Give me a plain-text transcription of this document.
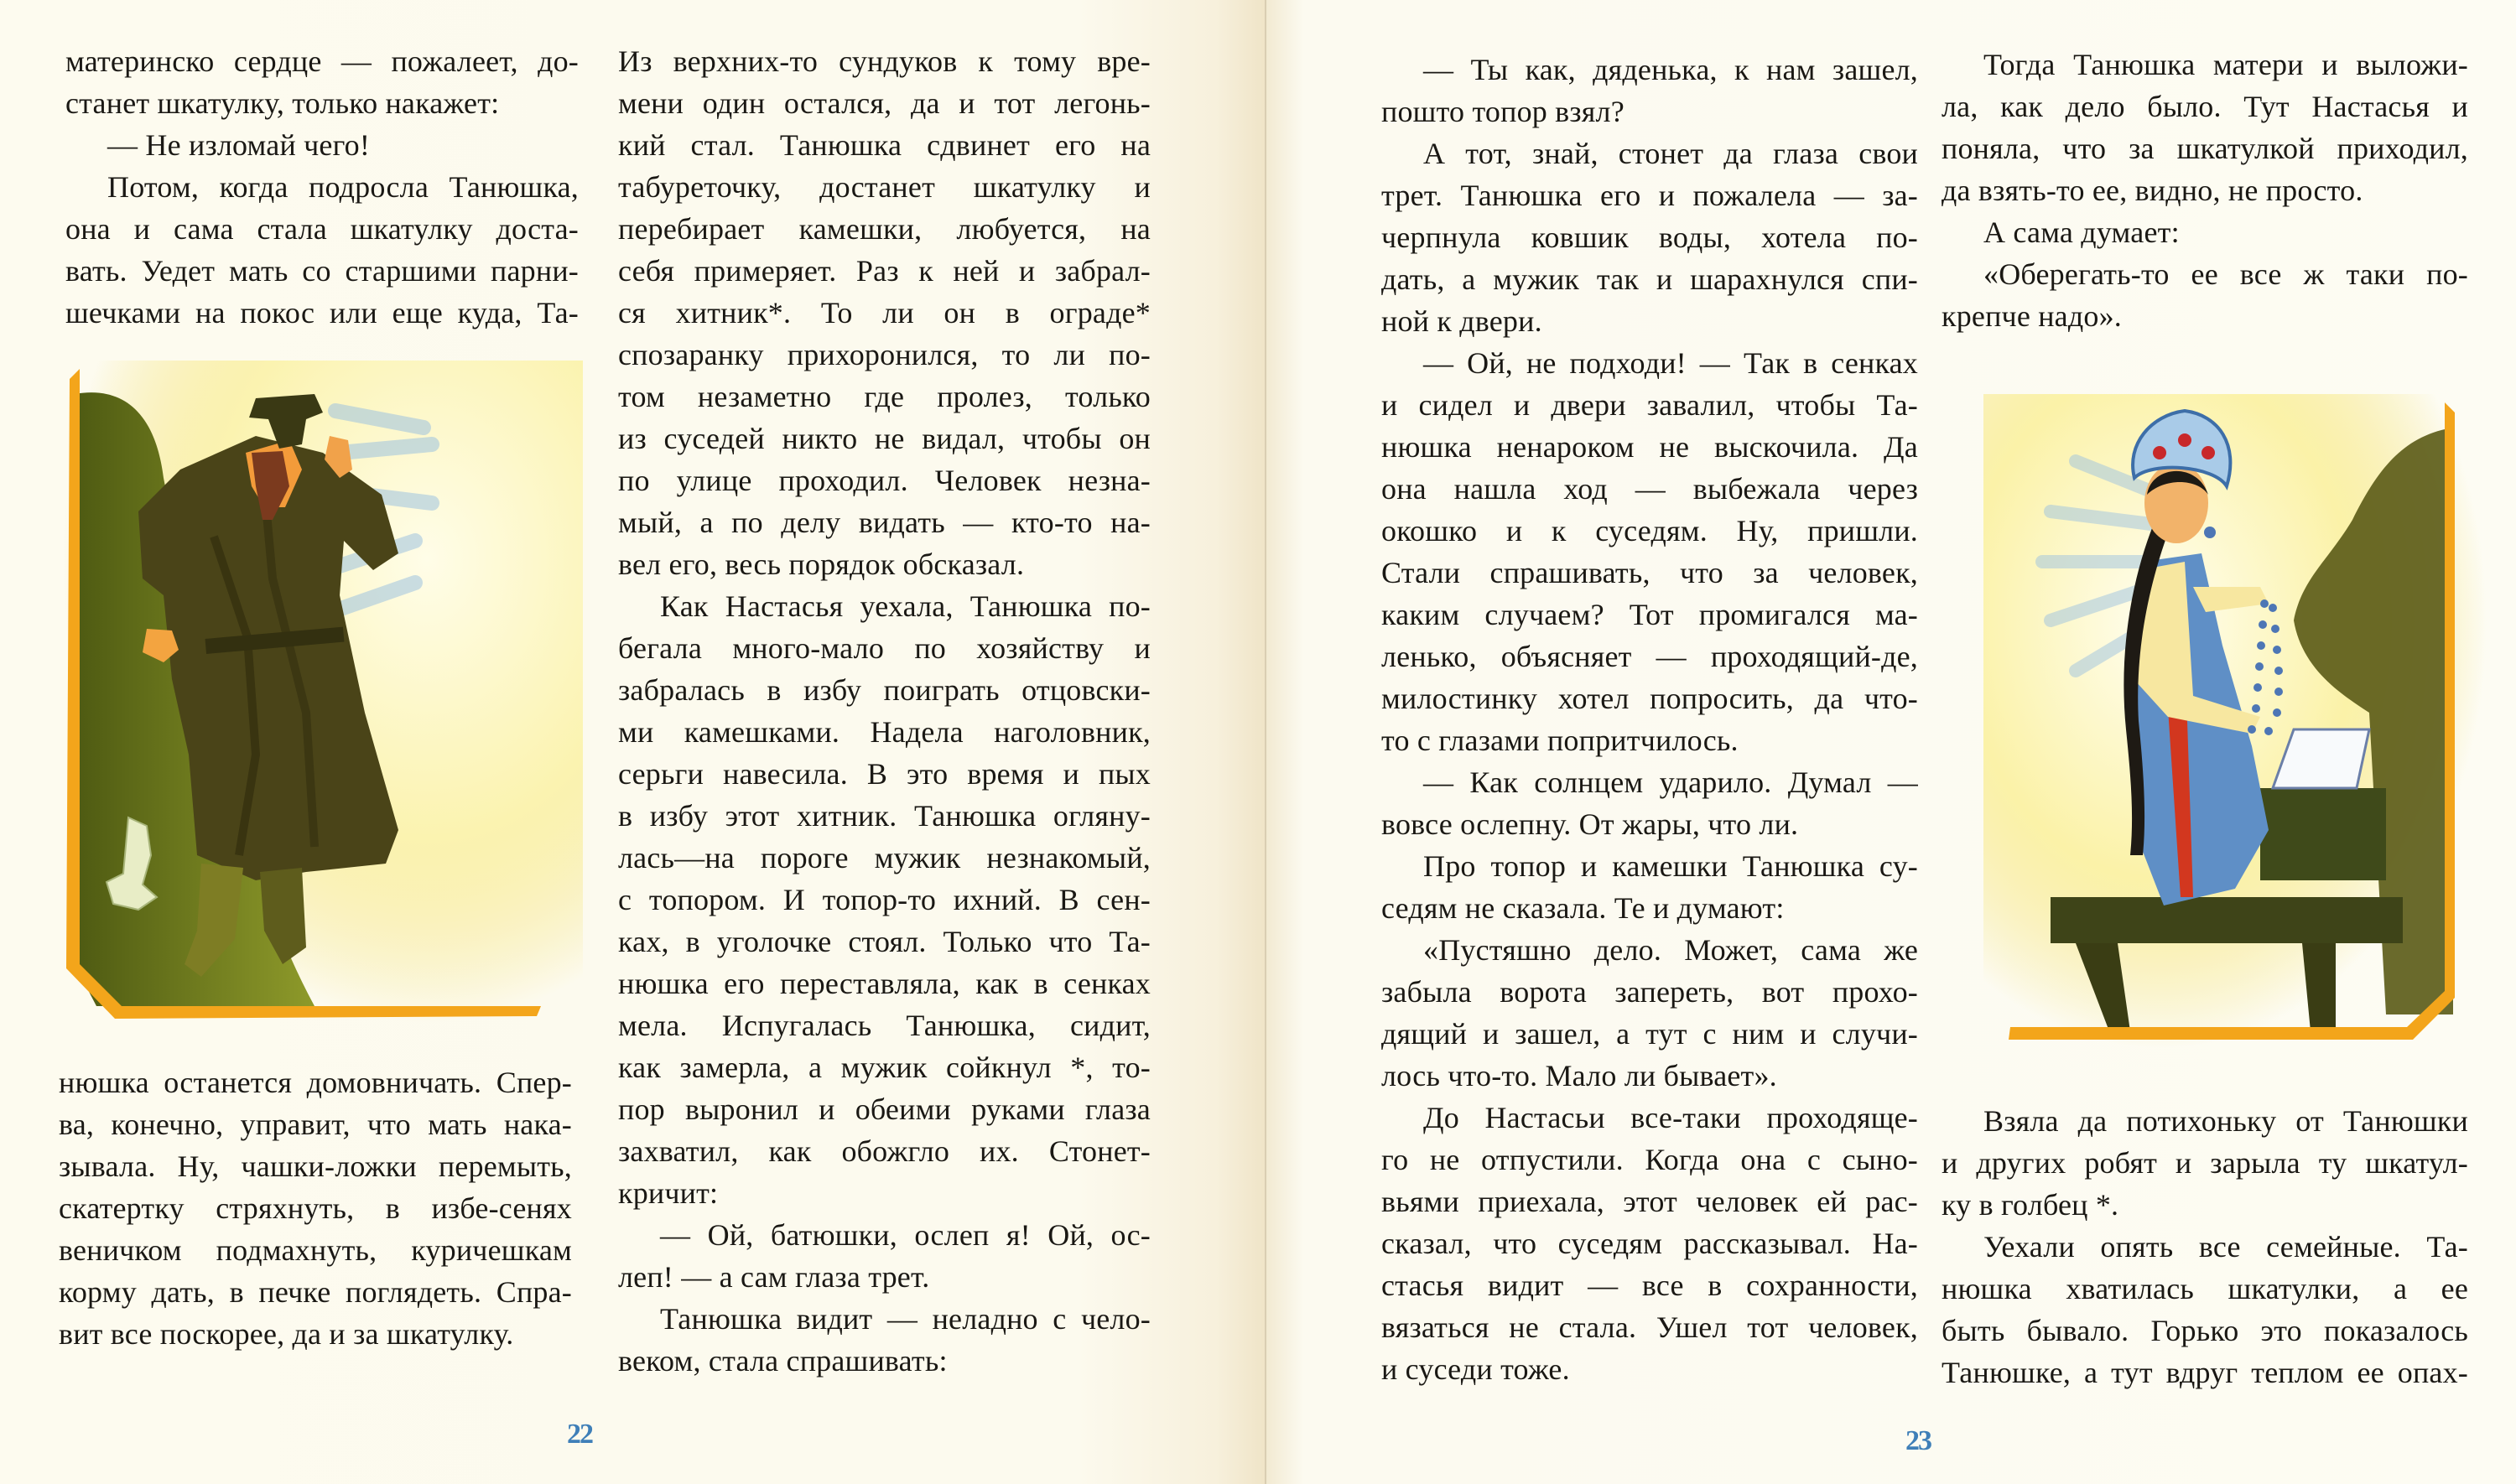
материнско сердце — пожалеет, до-
станет шкатулку, только накажет:
— Не изломай чего!
Потом, когда подросла Танюшка,
она и сама стала шкатулку доста-
вать. Уедет мать со старшими парни-
шечками на покос или еще куда, Та-
нюшка останется домовничать. Спер-
ва, конечно, управит, что мать нака-
зывала. Ну, чашки-ложки перемыть,
скатертку стряхнуть, в избе-сенях
веничком подмахнуть, куричешкам
корму дать, в печке поглядеть. Спра-
вит все поскорее, да и за шкатулку.
Из верхних-то сундуков к тому вре-
мени один остался, да и тот легонь-
кий стал. Танюшка сдвинет его на
табуреточку, достанет шкатулку и
перебирает камешки, любуется, на
себя примеряет. Раз к ней и забрал-
ся хитник*. То ли он в ограде*
спозаранку прихоронился, то ли по-
том незаметно где пролез, только
из суседей никто не видал, чтобы он
по улице проходил. Человек незна-
мый, а по делу видать — кто-то на-
вел его, весь порядок обсказал.
Как Настасья уехала, Танюшка по-
бегала много-мало по хозяйству и
забралась в избу поиграть отцовски-
ми камешками. Надела наголовник,
серьги навесила. В это время и пых
в избу этот хитник. Танюшка огляну-
лась—на пороге мужик незнакомый,
с топором. И топор-то ихний. В сен-
ках, в уголочке стоял. Только что Та-
нюшка его переставляла, как в сенках
мела. Испугалась Танюшка, сидит,
как замерла, а мужик сойкнул *, то-
пор выронил и обеими руками глаза
захватил, как обожгло их. Стонет-
кричит:
— Ой, батюшки, ослеп я! Ой, ос-
леп! — а сам глаза трет.
Танюшка видит — неладно с чело-
веком, стала спрашивать:
22
— Ты как, дяденька, к нам зашел,
пошто топор взял?
А тот, знай, стонет да глаза свои
трет. Танюшка его и пожалела — за-
черпнула ковшик воды, хотела по-
дать, а мужик так и шарахнулся спи-
ной к двери.
— Ой, не подходи! — Так в сенках
и сидел и двери завалил, чтобы Та-
нюшка ненароком не выскочила. Да
она нашла ход — выбежала через
окошко и к суседям. Ну, пришли.
Стали спрашивать, что за человек,
каким случаем? Тот промигался ма-
ленько, объясняет — проходящий-де,
милостинку хотел попросить, да что-
то с глазами попритчилось.
— Как солнцем ударило. Думал —
вовсе ослепну. От жары, что ли.
Про топор и камешки Танюшка су-
седям не сказала. Те и думают:
«Пустяшно дело. Может, сама же
забыла ворота запереть, вот прохо-
дящий и зашел, а тут с ним и случи-
лось что-то. Мало ли бывает».
До Настасьи все-таки проходяще-
го не отпустили. Когда она с сыно-
вьями приехала, этот человек ей рас-
сказал, что суседям рассказывал. На-
стасья видит — все в сохранности,
вязаться не стала. Ушел тот человек,
и суседи тоже.
Тогда Танюшка матери и выложи-
ла, как дело было. Тут Настасья и
поняла, что за шкатулкой приходил,
да взять-то ее, видно, не просто.
А сама думает:
«Оберегать-то ее все ж таки по-
крепче надо».
Взяла да потихоньку от Танюшки
и других робят и зарыла ту шкатул-
ку в голбец *.
Уехали опять все семейные. Та-
нюшка хватилась шкатулки, а ее
быть бывало. Горько это показалось
Танюшке, а тут вдруг теплом ее опах-
23
